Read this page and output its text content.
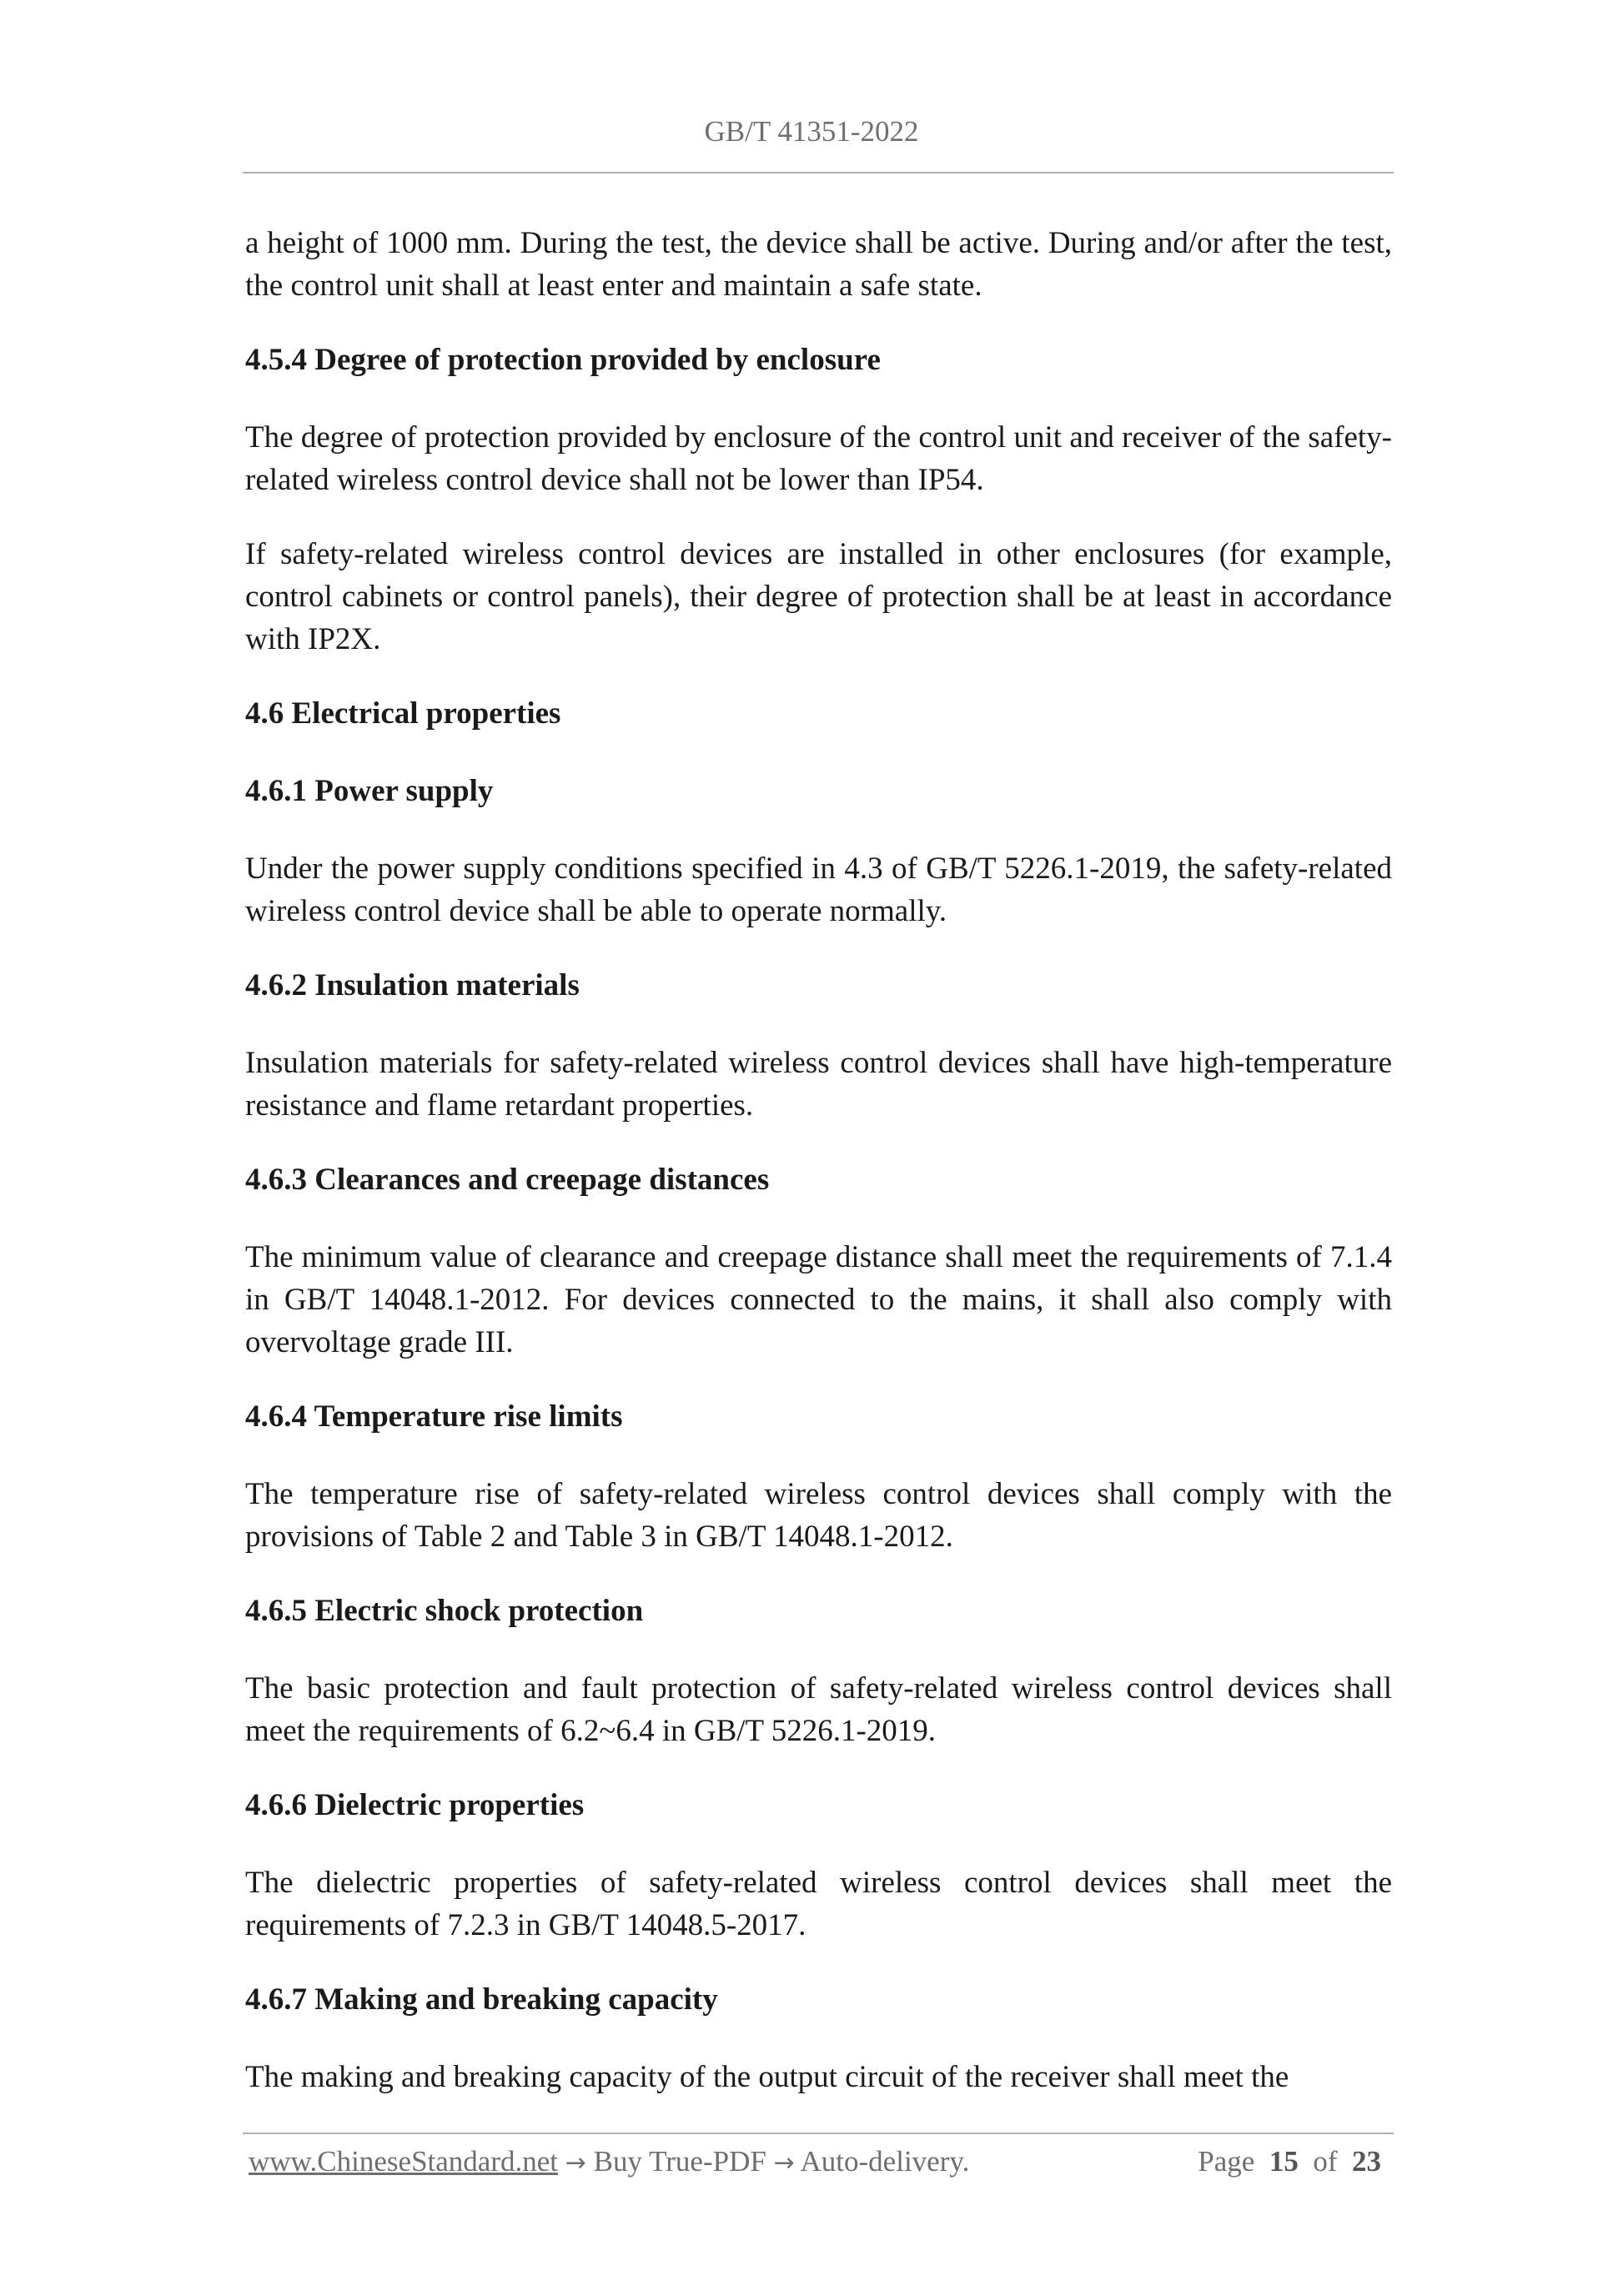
GB/T 41351-2022

a height of 1000 mm. During the test, the device shall be active. During and/or after the test, the control unit shall at least enter and maintain a safe state.

4.5.4 Degree of protection provided by enclosure

The degree of protection provided by enclosure of the control unit and receiver of the safety-related wireless control device shall not be lower than IP54.

If safety-related wireless control devices are installed in other enclosures (for example, control cabinets or control panels), their degree of protection shall be at least in accordance with IP2X.

4.6 Electrical properties

4.6.1 Power supply

Under the power supply conditions specified in 4.3 of GB/T 5226.1-2019, the safety-related wireless control device shall be able to operate normally.

4.6.2 Insulation materials

Insulation materials for safety-related wireless control devices shall have high-temperature resistance and flame retardant properties.

4.6.3 Clearances and creepage distances

The minimum value of clearance and creepage distance shall meet the requirements of 7.1.4 in GB/T 14048.1-2012. For devices connected to the mains, it shall also comply with overvoltage grade III.

4.6.4 Temperature rise limits

The temperature rise of safety-related wireless control devices shall comply with the provisions of Table 2 and Table 3 in GB/T 14048.1-2012.

4.6.5 Electric shock protection

The basic protection and fault protection of safety-related wireless control devices shall meet the requirements of 6.2~6.4 in GB/T 5226.1-2019.

4.6.6 Dielectric properties

The dielectric properties of safety-related wireless control devices shall meet the requirements of 7.2.3 in GB/T 14048.5-2017.

4.6.7 Making and breaking capacity

The making and breaking capacity of the output circuit of the receiver shall meet the

www.ChineseStandard.net → Buy True-PDF → Auto-delivery.	Page 15 of 23
